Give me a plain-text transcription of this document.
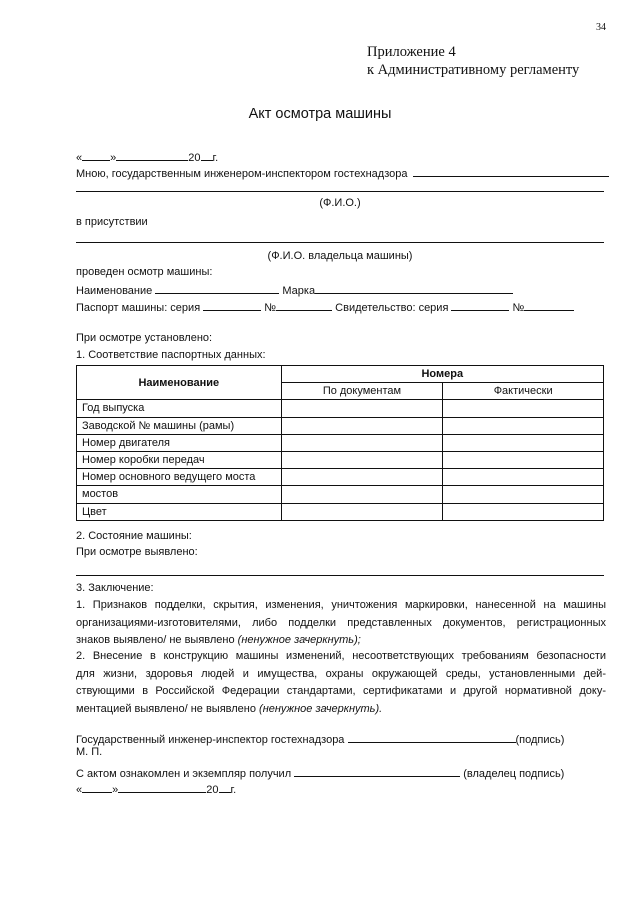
34
Приложение 4
к Административному регламенту
Акт осмотра машины
«	»	20 г.
Мною, государственным инженером-инспектором гостехнадзора
(Ф.И.О.)
в присутствии
(Ф.И.О. владельца машины)
проведен осмотр машины:
Наименование	Марка
Паспорт машины: серия	№	Свидетельство: серия	№
При осмотре установлено:
1. Соответствие паспортных данных:
Наименование	Номера	
	По документам	Фактически
Год выпуска		
Заводской № машины (рамы)		
Номер двигателя		
Номер коробки передач		
Номер основного ведущего моста		
мостов		
Цвет		
2. Состояние машины:
При осмотре выявлено:
3. Заключение:
1. Признаков подделки, скрытия, изменения, уничтожения маркировки, нанесенной на машины
организациями-изготовителями, либо подделки представленных документов, регистрационных
знаков выявлено/ не выявлено (ненужное зачеркнуть);
2. Внесение в конструкцию машины изменений, несоответствующих требованиям безопасности
для жизни, здоровья людей и имущества, охраны окружающей среды, установленными дей-
ствующими в Российской Федерации стандартами, сертификатами и другой нормативной доку-
ментацией выявлено/ не выявлено (ненужное зачеркнуть).
Государственный инженер-инспектор гостехнадзора	(подпись)
М. П.
С актом ознакомлен и экземпляр получил	(владелец подпись)
«	»	20 г.
